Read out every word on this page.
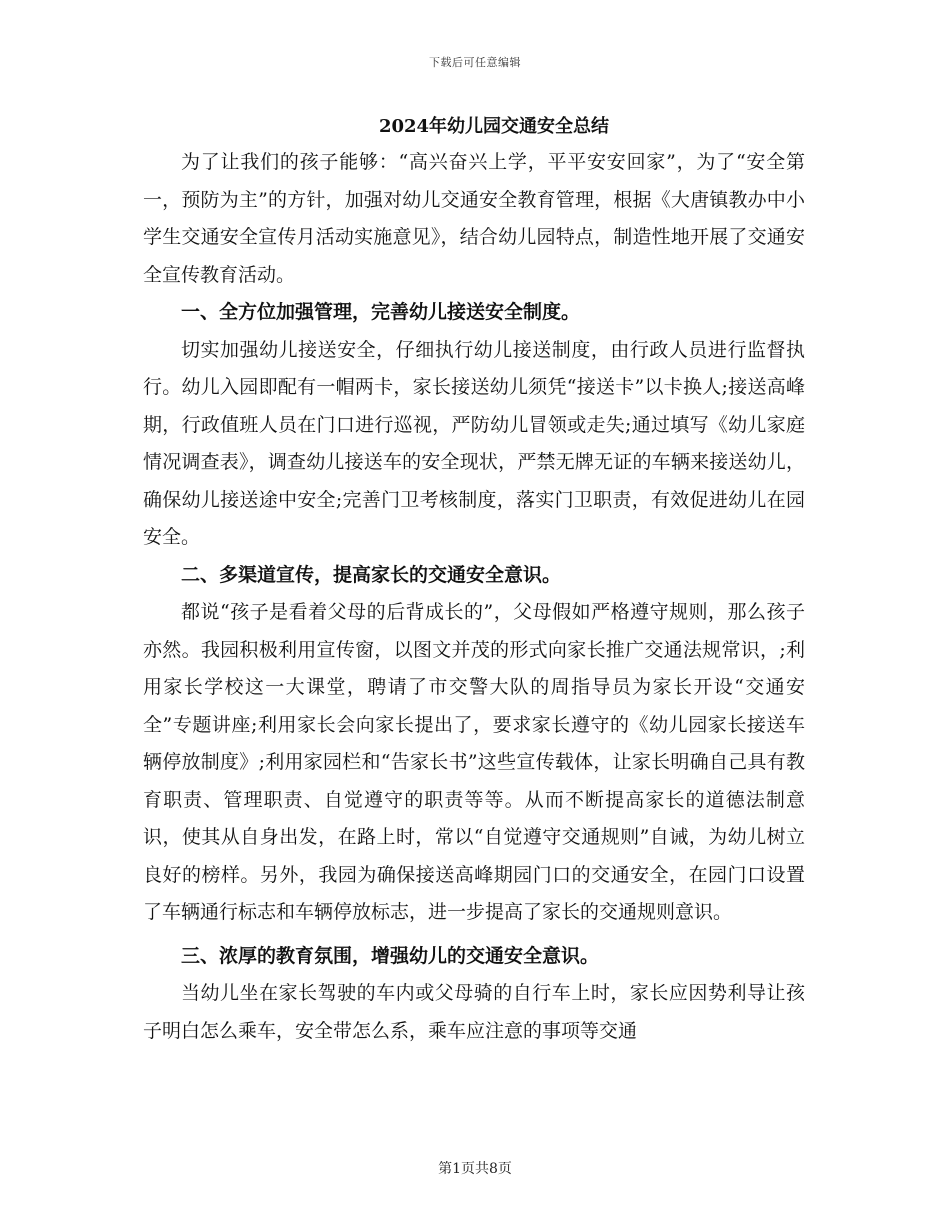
下载后可任意编辑
2024年幼儿园交通安全总结

为了让我们的孩子能够：“高兴奋兴上学，平平安安回家”，为了“安全第一，预防为主”的方针，加强对幼儿交通安全教育管理，根据《大唐镇教办中小学生交通安全宣传月活动实施意见》，结合幼儿园特点，制造性地开展了交通安全宣传教育活动。

一、全方位加强管理，完善幼儿接送安全制度。

切实加强幼儿接送安全，仔细执行幼儿接送制度，由行政人员进行监督执行。幼儿入园即配有一帽两卡，家长接送幼儿须凭“接送卡”以卡换人;接送高峰期，行政值班人员在门口进行巡视，严防幼儿冒领或走失;通过填写《幼儿家庭情况调查表》，调查幼儿接送车的安全现状，严禁无牌无证的车辆来接送幼儿，确保幼儿接送途中安全;完善门卫考核制度，落实门卫职责，有效促进幼儿在园安全。

二、多渠道宣传，提高家长的交通安全意识。

都说“孩子是看着父母的后背成长的”，父母假如严格遵守规则，那么孩子亦然。我园积极利用宣传窗，以图文并茂的形式向家长推广交通法规常识，;利用家长学校这一大课堂，聘请了市交警大队的周指导员为家长开设“交通安全”专题讲座;利用家长会向家长提出了，要求家长遵守的《幼儿园家长接送车辆停放制度》;利用家园栏和“告家长书”这些宣传载体，让家长明确自己具有教育职责、管理职责、自觉遵守的职责等等。从而不断提高家长的道德法制意识，使其从自身出发，在路上时，常以“自觉遵守交通规则”自诫，为幼儿树立良好的榜样。另外，我园为确保接送高峰期园门口的交通安全，在园门口设置了车辆通行标志和车辆停放标志，进一步提高了家长的交通规则意识。

三、浓厚的教育氛围，增强幼儿的交通安全意识。

当幼儿坐在家长驾驶的车内或父母骑的自行车上时，家长应因势利导让孩子明白怎么乘车，安全带怎么系，乘车应注意的事项等交通

第1页共8页
